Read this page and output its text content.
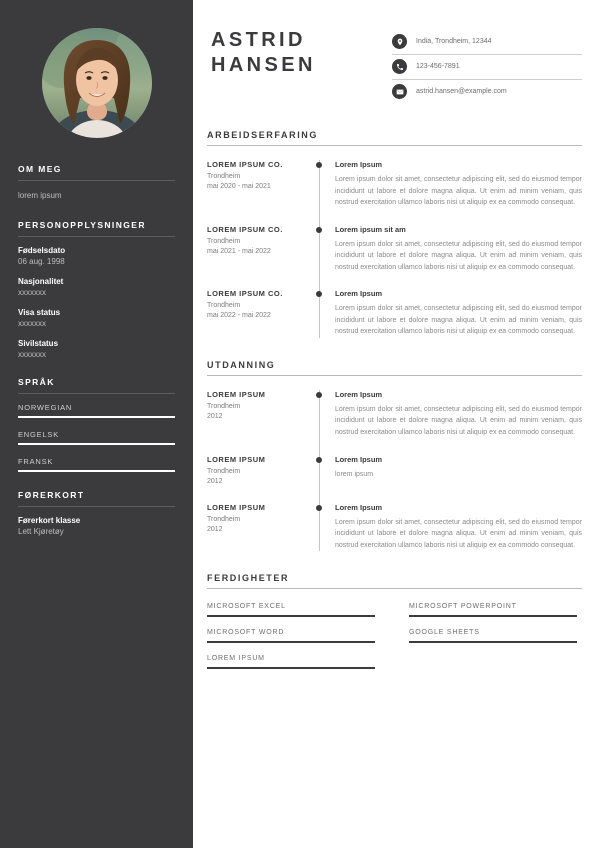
OM MEG
lorem ipsum
PERSONOPPLYSNINGER
Fødselsdato
06 aug. 1998
Nasjonalitet
xxxxxxx
Visa status
xxxxxxx
Sivilstatus
xxxxxxx
SPRÅK
NORWEGIAN
ENGELSK
FRANSK
FØRERKORT
Førerkort klasse
Lett Kjøretøy
ASTRID
HANSEN
India, Trondheim, 12344
123-456-7891
astrid.hansen@example.com
ARBEIDSERFARING
LOREM IPSUM CO.
Trondheim
mai 2020 - mai 2021
Lorem Ipsum
Lorem ipsum dolor sit amet, consectetur adipiscing elit, sed do eiusmod tempor incididunt ut labore et dolore magna aliqua. Ut enim ad minim veniam, quis nostrud exercitation ullamco laboris nisi ut aliquip ex ea commodo consequat.
LOREM IPSUM CO.
Trondheim
mai 2021 - mai 2022
Lorem ipsum sit am
Lorem ipsum dolor sit amet, consectetur adipiscing elit, sed do eiusmod tempor incididunt ut labore et dolore magna aliqua. Ut enim ad minim veniam, quis nostrud exercitation ullamco laboris nisi ut aliquip ex ea commodo consequat.
LOREM IPSUM CO.
Trondheim
mai 2022 - mai 2022
Lorem Ipsum
Lorem ipsum dolor sit amet, consectetur adipiscing elit, sed do eiusmod tempor incididunt ut labore et dolore magna aliqua. Ut enim ad minim veniam, quis nostrud exercitation ullamco laboris nisi ut aliquip ex ea commodo consequat.
UTDANNING
LOREM IPSUM
Trondheim
2012
Lorem Ipsum
Lorem ipsum dolor sit amet, consectetur adipiscing elit, sed do eiusmod tempor incididunt ut labore et dolore magna aliqua. Ut enim ad minim veniam, quis nostrud exercitation ullamco laboris nisi ut aliquip ex ea commodo consequat.
LOREM IPSUM
Trondheim
2012
Lorem Ipsum
lorem ipsum
LOREM IPSUM
Trondheim
2012
Lorem Ipsum
Lorem ipsum dolor sit amet, consectetur adipiscing elit, sed do eiusmod tempor incididunt ut labore et dolore magna aliqua. Ut enim ad minim veniam, quis nostrud exercitation ullamco laboris nisi ut aliquip ex ea commodo consequat.
FERDIGHETER
MICROSOFT EXCEL	MICROSOFT POWERPOINT
MICROSOFT WORD	GOOGLE SHEETS
LOREM IPSUM
